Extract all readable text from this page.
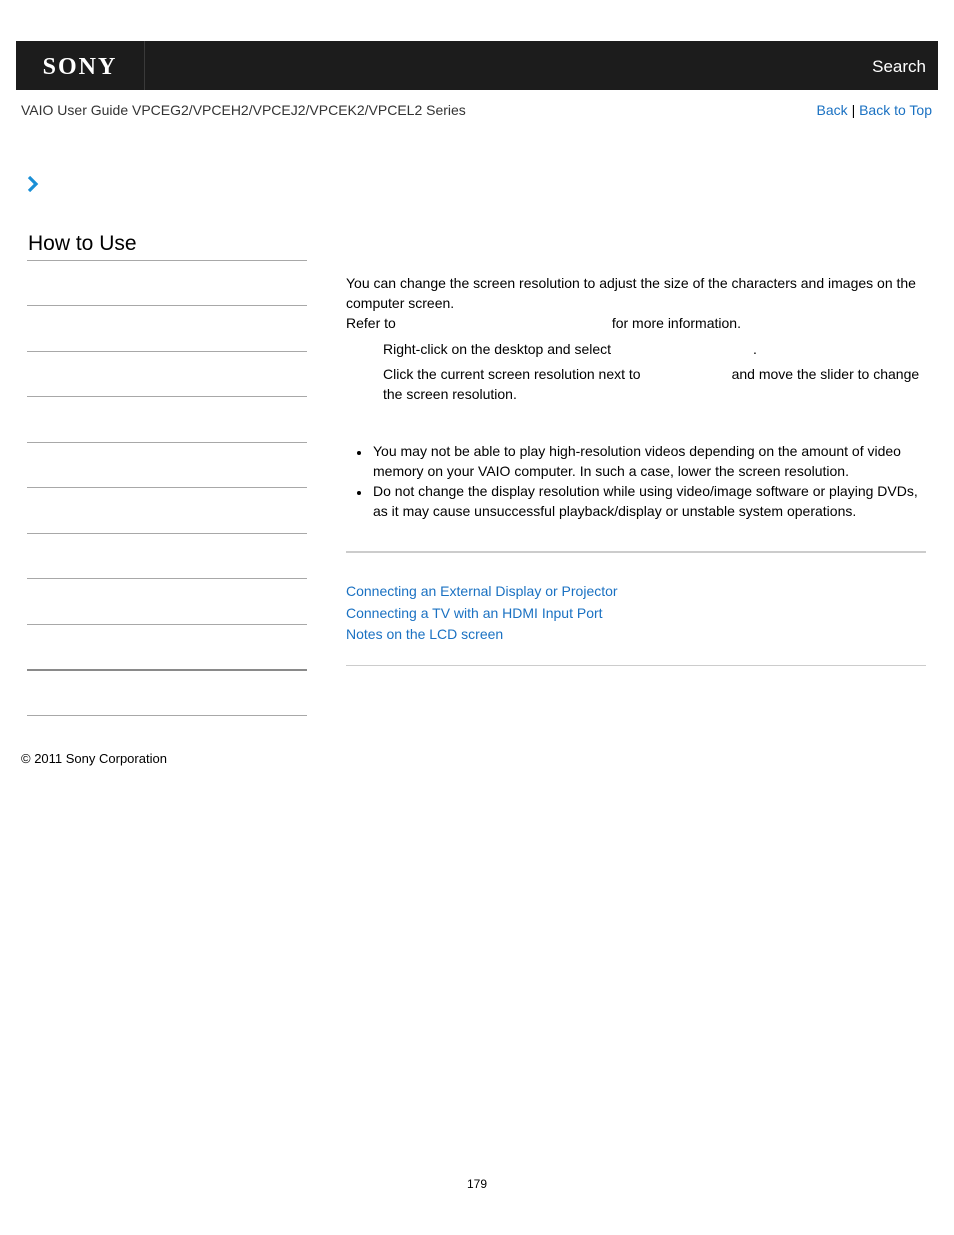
SONY	Search
VAIO User Guide VPCEG2/VPCEH2/VPCEJ2/VPCEK2/VPCEL2 Series	Back | Back to Top
How to Use
You can change the screen resolution to adjust the size of the characters and images on the computer screen.
Refer to	for more information.
Right-click on the desktop and select	.
Click the current screen resolution next to	and move the slider to change
the screen resolution.
You may not be able to play high-resolution videos depending on the amount of video memory on your VAIO computer. In such a case, lower the screen resolution.
Do not change the display resolution while using video/image software or playing DVDs, as it may cause unsuccessful playback/display or unstable system operations.
Connecting an External Display or Projector
Connecting a TV with an HDMI Input Port
Notes on the LCD screen
© 2011 Sony Corporation
179
